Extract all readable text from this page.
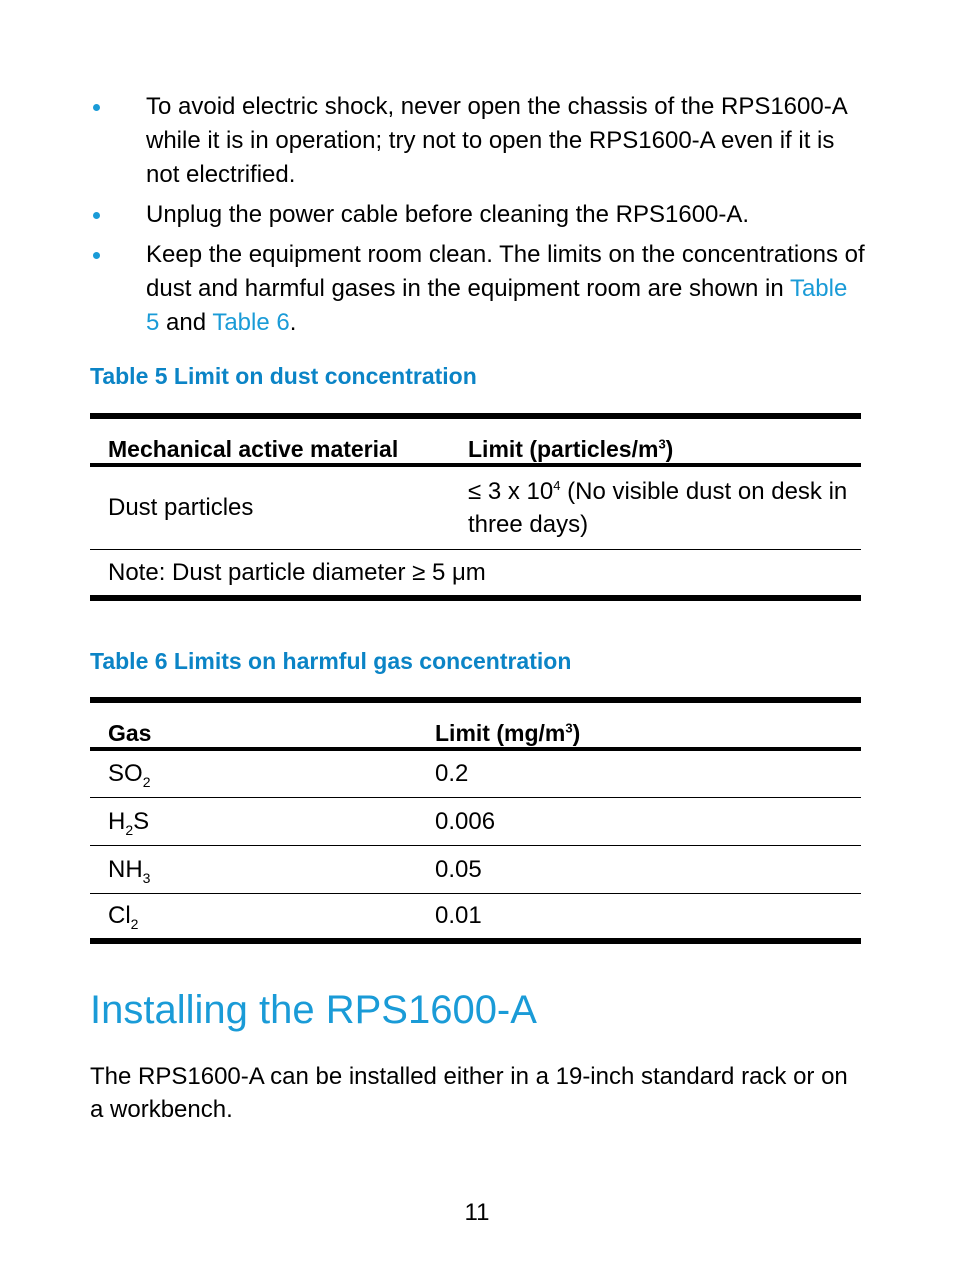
To avoid electric shock, never open the chassis of the RPS1600-A while it is in operation; try not to open the RPS1600-A even if it is not electrified.
Unplug the power cable before cleaning the RPS1600-A.
Keep the equipment room clean. The limits on the concentrations of dust and harmful gases in the equipment room are shown in Table 5 and Table 6.
Table 5 Limit on dust concentration
Mechanical active material	Limit $(particles/m^3)$
Dust particles	≤ 3 x $10^4$ (No visible dust on desk in three days)
Note: Dust particle diameter ≥ 5 μm	
Table 6 Limits on harmful gas concentration
Gas	Limit $(mg/m^3)$
$SO_2$	0.2
$H_2S$	0.006
$NH_3$	0.05
$Cl_2$	0.01
Installing the RPS1600-A

The RPS1600-A can be installed either in a 19-inch standard rack or on a workbench.

11
